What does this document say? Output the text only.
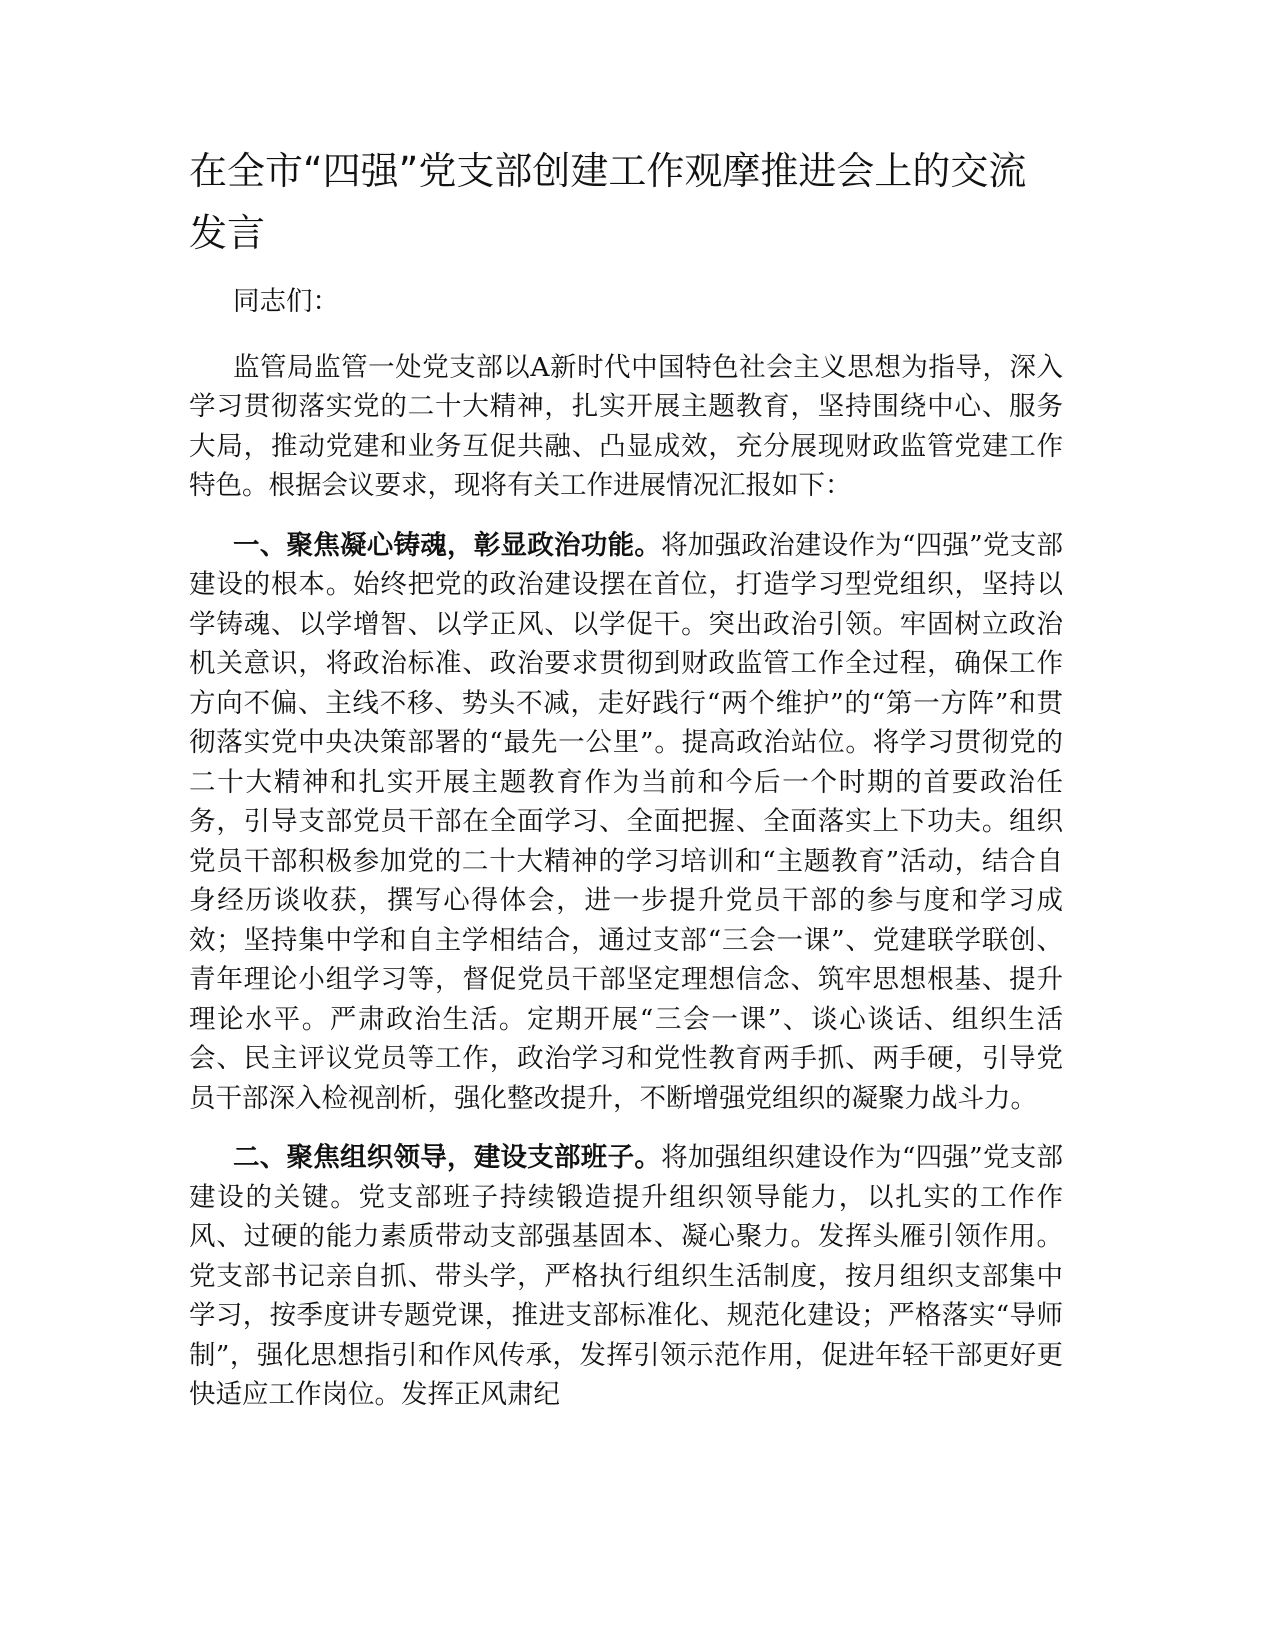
在全市“四强”党支部创建工作观摩推进会上的交流发言

同志们：

监管局监管一处党支部以A新时代中国特色社会主义思想为指导，深入学习贯彻落实党的二十大精神，扎实开展主题教育，坚持围绕中心、服务大局，推动党建和业务互促共融、凸显成效，充分展现财政监管党建工作特色。根据会议要求，现将有关工作进展情况汇报如下：

一、聚焦凝心铸魂，彰显政治功能。将加强政治建设作为“四强”党支部建设的根本。始终把党的政治建设摆在首位，打造学习型党组织，坚持以学铸魂、以学增智、以学正风、以学促干。突出政治引领。牢固树立政治机关意识，将政治标准、政治要求贯彻到财政监管工作全过程，确保工作方向不偏、主线不移、势头不减，走好践行“两个维护”的“第一方阵”和贯彻落实党中央决策部署的“最先一公里”。提高政治站位。将学习贯彻党的二十大精神和扎实开展主题教育作为当前和今后一个时期的首要政治任务，引导支部党员干部在全面学习、全面把握、全面落实上下功夫。组织党员干部积极参加党的二十大精神的学习培训和“主题教育”活动，结合自身经历谈收获，撰写心得体会，进一步提升党员干部的参与度和学习成效；坚持集中学和自主学相结合，通过支部“三会一课”、党建联学联创、青年理论小组学习等，督促党员干部坚定理想信念、筑牢思想根基、提升理论水平。严肃政治生活。定期开展“三会一课”、谈心谈话、组织生活会、民主评议党员等工作，政治学习和党性教育两手抓、两手硬，引导党员干部深入检视剖析，强化整改提升，不断增强党组织的凝聚力战斗力。

二、聚焦组织领导，建设支部班子。将加强组织建设作为“四强”党支部建设的关键。党支部班子持续锻造提升组织领导能力，以扎实的工作作风、过硬的能力素质带动支部强基固本、凝心聚力。发挥头雁引领作用。党支部书记亲自抓、带头学，严格执行组织生活制度，按月组织支部集中学习，按季度讲专题党课，推进支部标准化、规范化建设；严格落实“导师制”，强化思想指引和作风传承，发挥引领示范作用，促进年轻干部更好更快适应工作岗位。发挥正风肃纪
